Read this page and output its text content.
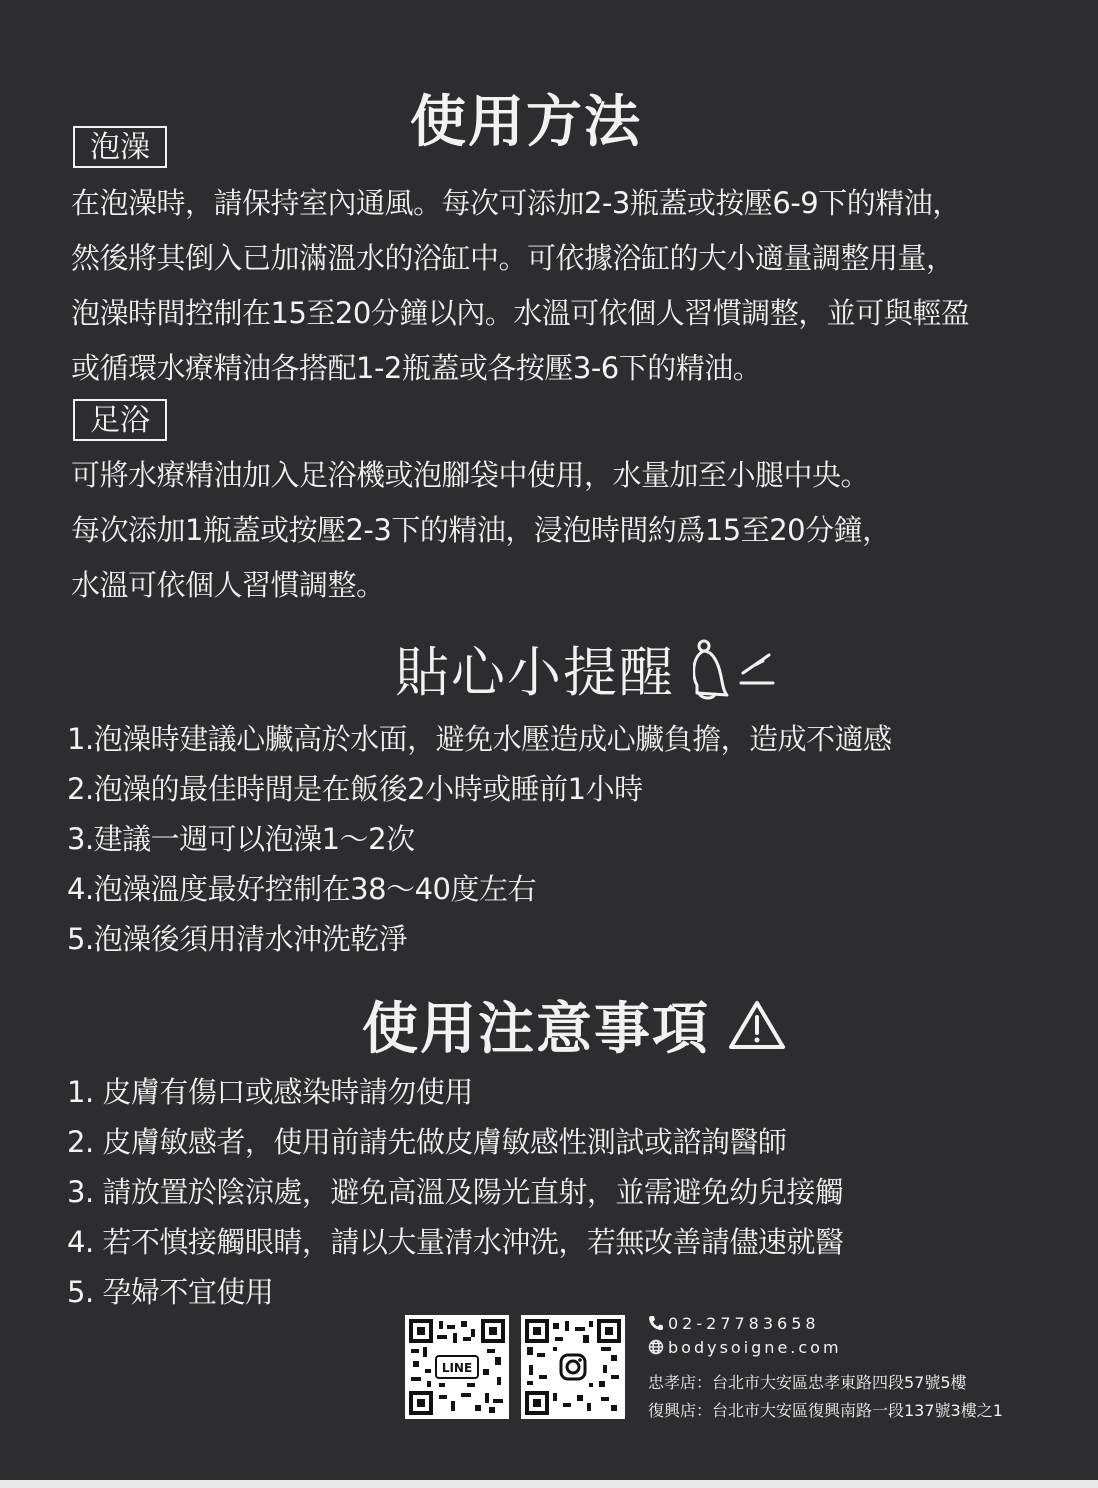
使用方法
泡澡
在泡澡時，請保持室內通風。每次可添加2-3瓶蓋或按壓6-9下的精油，
然後將其倒入已加滿溫水的浴缸中。可依據浴缸的大小適量調整用量，
泡澡時間控制在15至20分鐘以內。水溫可依個人習慣調整，並可與輕盈
或循環水療精油各搭配1-2瓶蓋或各按壓3-6下的精油。
足浴
可將水療精油加入足浴機或泡腳袋中使用，水量加至小腿中央。
每次添加1瓶蓋或按壓2-3下的精油，浸泡時間約爲15至20分鐘，
水溫可依個人習慣調整。
貼心小提醒
1.泡澡時建議心臟高於水面，避免水壓造成心臟負擔，造成不適感
2.泡澡的最佳時間是在飯後2小時或睡前1小時
3.建議一週可以泡澡1～2次
4.泡澡溫度最好控制在38～40度左右
5.泡澡後須用清水沖洗乾淨
使用注意事項
1. 皮膚有傷口或感染時請勿使用
2. 皮膚敏感者，使用前請先做皮膚敏感性測試或諮詢醫師
3. 請放置於陰涼處，避免高溫及陽光直射，並需避免幼兒接觸
4. 若不慎接觸眼睛，請以大量清水沖洗，若無改善請儘速就醫
5. 孕婦不宜使用
LINE
02-27783658
bodysoigne.com
忠孝店：台北市大安區忠孝東路四段57號5樓
復興店：台北市大安區復興南路一段137號3樓之1
